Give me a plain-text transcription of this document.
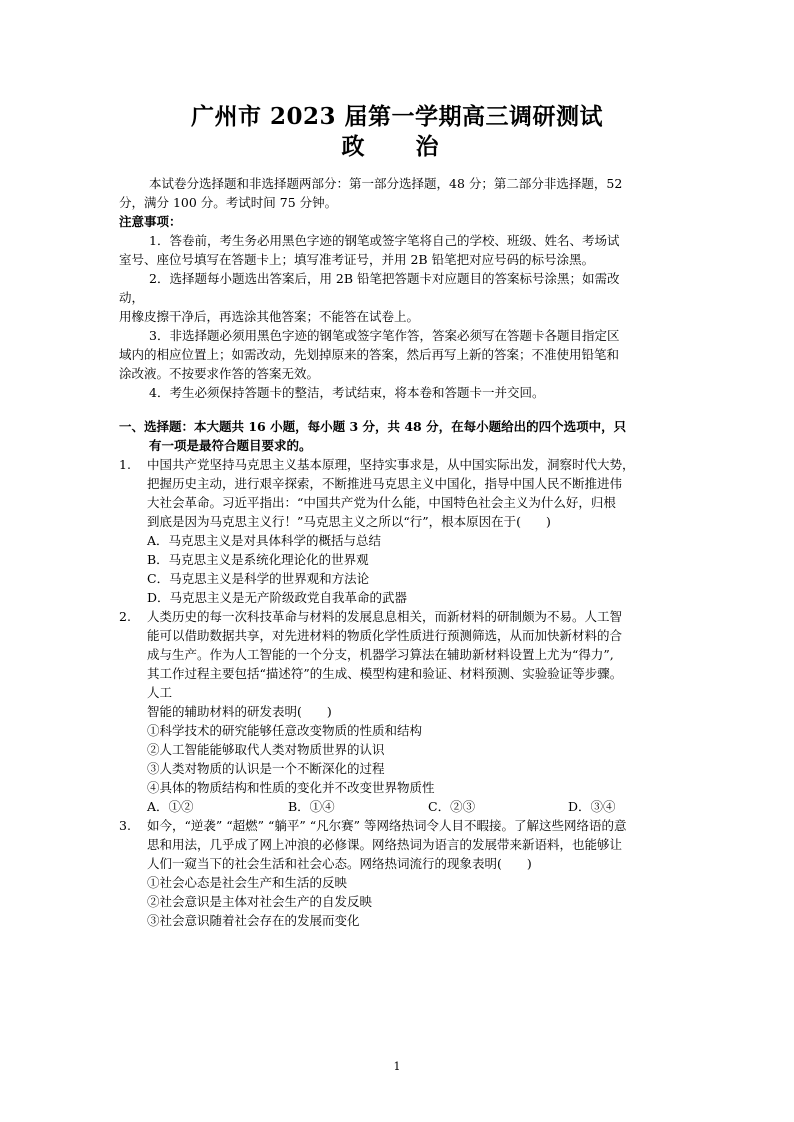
广州市 2023 届第一学期高三调研测试
政　治
本试卷分选择题和非选择题两部分：第一部分选择题，48 分；第二部分非选择题，52
分，满分 100 分。考试时间 75 分钟。
注意事项：
1．答卷前，考生务必用黑色字迹的钢笔或签字笔将自己的学校、班级、姓名、考场试
室号、座位号填写在答题卡上；填写准考证号，并用 2B 铅笔把对应号码的标号涂黑。
2．选择题每小题选出答案后，用 2B 铅笔把答题卡对应题目的答案标号涂黑；如需改
动，
用橡皮擦干净后，再选涂其他答案；不能答在试卷上。
3．非选择题必须用黑色字迹的钢笔或签字笔作答，答案必须写在答题卡各题目指定区
域内的相应位置上；如需改动，先划掉原来的答案，然后再写上新的答案；不准使用铅笔和
涂改液。不按要求作答的答案无效。
4．考生必须保持答题卡的整洁，考试结束，将本卷和答题卡一并交回。
一、选择题：本大题共 16 小题，每小题 3 分，共 48 分，在每小题给出的四个选项中，只
有一项是最符合题目要求的。
1. 中国共产党坚持马克思主义基本原理，坚持实事求是，从中国实际出发，洞察时代大势，
把握历史主动，进行艰辛探索，不断推进马克思主义中国化，指导中国人民不断推进伟
大社会革命。习近平指出：“中国共产党为什么能，中国特色社会主义为什么好，归根
到底是因为马克思主义行！”马克思主义之所以“行”，根本原因在于(　　)
A．马克思主义是对具体科学的概括与总结
B．马克思主义是系统化理论化的世界观
C．马克思主义是科学的世界观和方法论
D．马克思主义是无产阶级政党自我革命的武器
2. 人类历史的每一次科技革命与材料的发展息息相关，而新材料的研制颇为不易。人工智
能可以借助数据共享，对先进材料的物质化学性质进行预测筛选，从而加快新材料的合
成与生产。作为人工智能的一个分支，机器学习算法在辅助新材料设置上尤为“得力”,
其工作过程主要包括“描述符”的生成、模型构建和验证、材料预测、实验验证等步骤。
人工
智能的辅助材料的研发表明(　　)
①科学技术的研究能够任意改变物质的性质和结构
②人工智能能够取代人类对物质世界的认识
③人类对物质的认识是一个不断深化的过程
④具体的物质结构和性质的变化并不改变世界物质性
A．①②	B．①④	C．②③	D．③④
3. 如今，“逆袭” “超燃” “躺平” “凡尔赛” 等网络热词令人目不暇接。了解这些网络语的意
思和用法，几乎成了网上冲浪的必修课。网络热词为语言的发展带来新语料，也能够让
人们一窥当下的社会生活和社会心态。网络热词流行的现象表明(　　)
①社会心态是社会生产和生活的反映
②社会意识是主体对社会生产的自发反映
③社会意识随着社会存在的发展而变化
1
